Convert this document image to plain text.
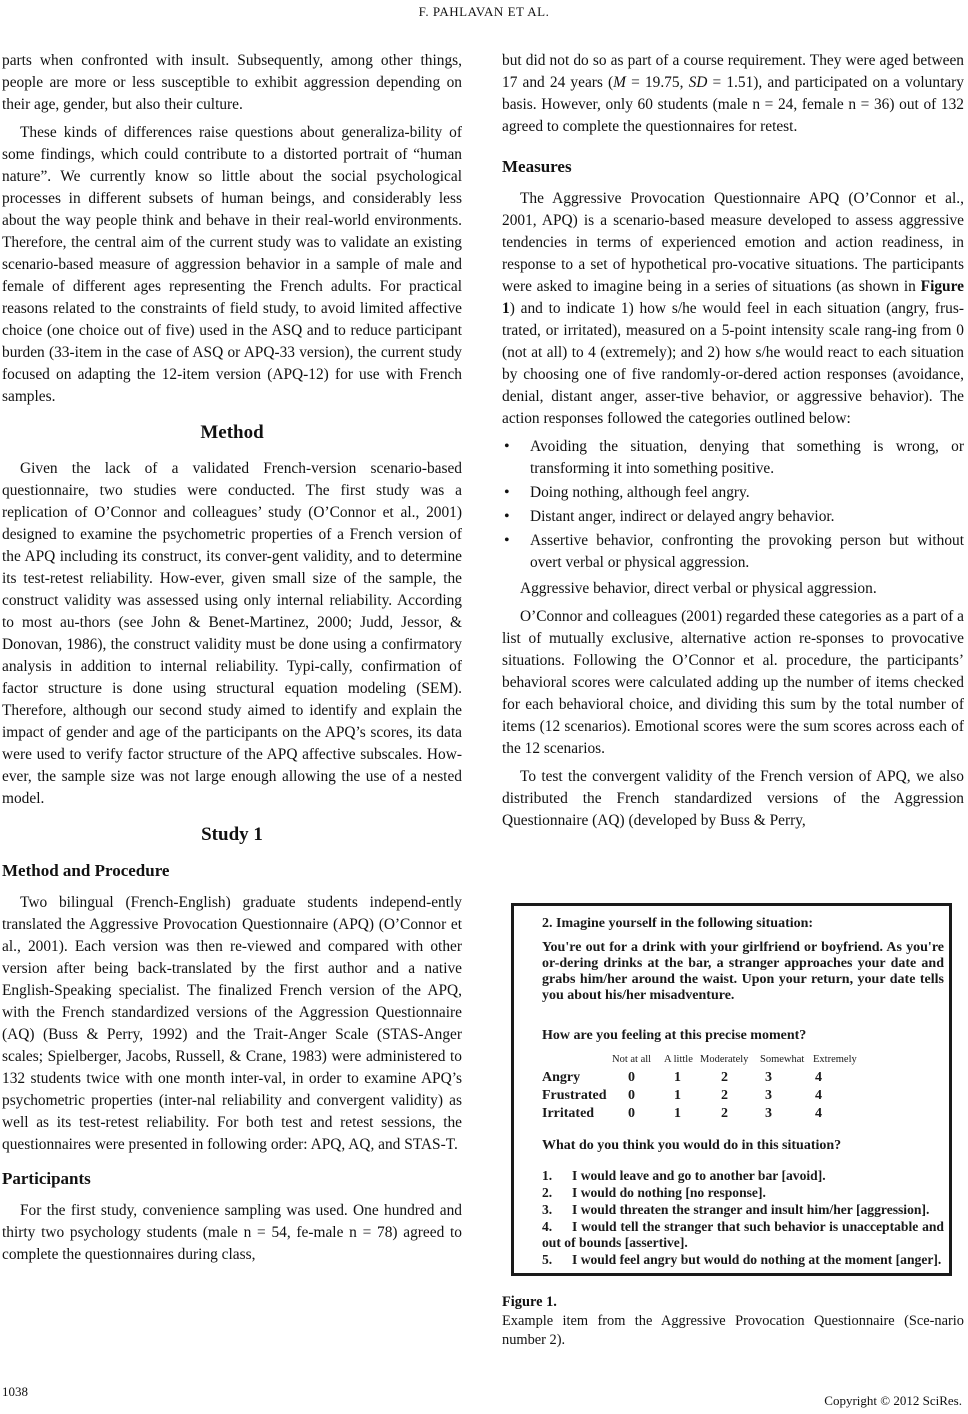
F. PAHLAVAN ET AL.

parts when confronted with insult. Subsequently, among other things, people are more or less susceptible to exhibit aggression depending on their age, gender, but also their culture.

These kinds of differences raise questions about generaliza-bility of some findings, which could contribute to a distorted portrait of “human nature”. We currently know so little about the social psychological processes in different subsets of human beings, and considerably less about the way people think and behave in their real-world environments. Therefore, the central aim of the current study was to validate an existing scenario-based measure of aggression behavior in a sample of male and female of different ages representing the French adults. For practical reasons related to the constraints of field study, to avoid limited affective choice (one choice out of five) used in the ASQ and to reduce participant burden (33-item in the case of ASQ or APQ-33 version), the current study focused on adapting the 12-item version (APQ-12) for use with French samples.

Method

Given the lack of a validated French-version scenario-based questionnaire, two studies were conducted. The first study was a replication of O’Connor and colleagues’ study (O’Connor et al., 2001) designed to examine the psychometric properties of a French version of the APQ including its construct, its conver-gent validity, and to determine its test-retest reliability. How-ever, given small size of the sample, the construct validity was assessed using only internal reliability. According to most au-thors (see John & Benet-Martinez, 2000; Judd, Jessor, & Donovan, 1986), the construct validity must be done using a confirmatory analysis in addition to internal reliability. Typi-cally, confirmation of factor structure is done using structural equation modeling (SEM). Therefore, although our second study aimed to identify and explain the impact of gender and age of the participants on the APQ’s scores, its data were used to verify factor structure of the APQ affective subscales. How-ever, the sample size was not large enough allowing the use of a nested model.

Study 1
Method and Procedure

Two bilingual (French-English) graduate students independ-ently translated the Aggressive Provocation Questionnaire (APQ) (O’Connor et al., 2001). Each version was then re-viewed and compared with other version after being back-translated by the first author and a native English-Speaking specialist. The finalized French version of the APQ, with the French standardized versions of the Aggression Questionnaire (AQ) (Buss & Perry, 1992) and the Trait-Anger Scale (STAS-Anger scales; Spielberger, Jacobs, Russell, & Crane, 1983) were administered to 132 students twice with one month inter-val, in order to examine APQ’s psychometric properties (inter-nal reliability and convergent validity) as well as its test-retest reliability. For both test and retest sessions, the questionnaires were presented in following order: APQ, AQ, and STAS-T.

Participants

For the first study, convenience sampling was used. One hundred and thirty two psychology students (male n = 54, fe-male n = 78) agreed to complete the questionnaires during class,

but did not do so as part of a course requirement. They were aged between 17 and 24 years (M = 19.75, SD = 1.51), and participated on a voluntary basis. However, only 60 students (male n = 24, female n = 36) out of 132 agreed to complete the questionnaires for retest.

Measures

The Aggressive Provocation Questionnaire APQ (O’Connor et al., 2001, APQ) is a scenario-based measure developed to assess aggressive tendencies in terms of experienced emotion and action readiness, in response to a set of hypothetical pro-vocative situations. The participants were asked to imagine being in a series of situations (as shown in Figure 1) and to indicate 1) how s/he would feel in each situation (angry, frus-trated, or irritated), measured on a 5-point intensity scale rang-ing from 0 (not at all) to 4 (extremely); and 2) how s/he would react to each situation by choosing one of five randomly-or-dered action responses (avoidance, denial, distant anger, asser-tive behavior, or aggressive behavior). The action responses followed the categories outlined below:

• Avoiding the situation, denying that something is wrong, or transforming it into something positive.
• Doing nothing, although feel angry.
• Distant anger, indirect or delayed angry behavior.
• Assertive behavior, confronting the provoking person but without overt verbal or physical aggression.

Aggressive behavior, direct verbal or physical aggression.

O’Connor and colleagues (2001) regarded these categories as a part of a list of mutually exclusive, alternative action re-sponses to provocative situations. Following the O’Connor et al. procedure, the participants’ behavioral scores were calculated adding up the number of items checked for each behavioral choice, and dividing this sum by the total number of items (12 scenarios). Emotional scores were the sum scores across each of the 12 scenarios.

To test the convergent validity of the French version of APQ, we also distributed the French standardized versions of the Aggression Questionnaire (AQ) (developed by Buss & Perry,

2. Imagine yourself in the following situation:
You're out for a drink with your girlfriend or boyfriend. As you're or-dering drinks at the bar, a stranger approaches your date and grabs him/her around the waist. Upon your return, your date tells you about his/her misadventure.
How are you feeling at this precise moment?
Not at all A little Moderately Somewhat Extremely
Angry	0	1	2	3	4
Frustrated 0	1	2	3	4
Irritated 0	1	2	3	4
What do you think you would do in this situation?
1. I would leave and go to another bar [avoid].
2. I would do nothing [no response].
3. I would threaten the stranger and insult him/her [aggression].
4. I would tell the stranger that such behavior is unacceptable and out of bounds [assertive].
5. I would feel angry but would do nothing at the moment [anger].
Figure 1.
Example item from the Aggressive Provocation Questionnaire (Sce-nario number 2).
1038
Copyright © 2012 SciRes.
